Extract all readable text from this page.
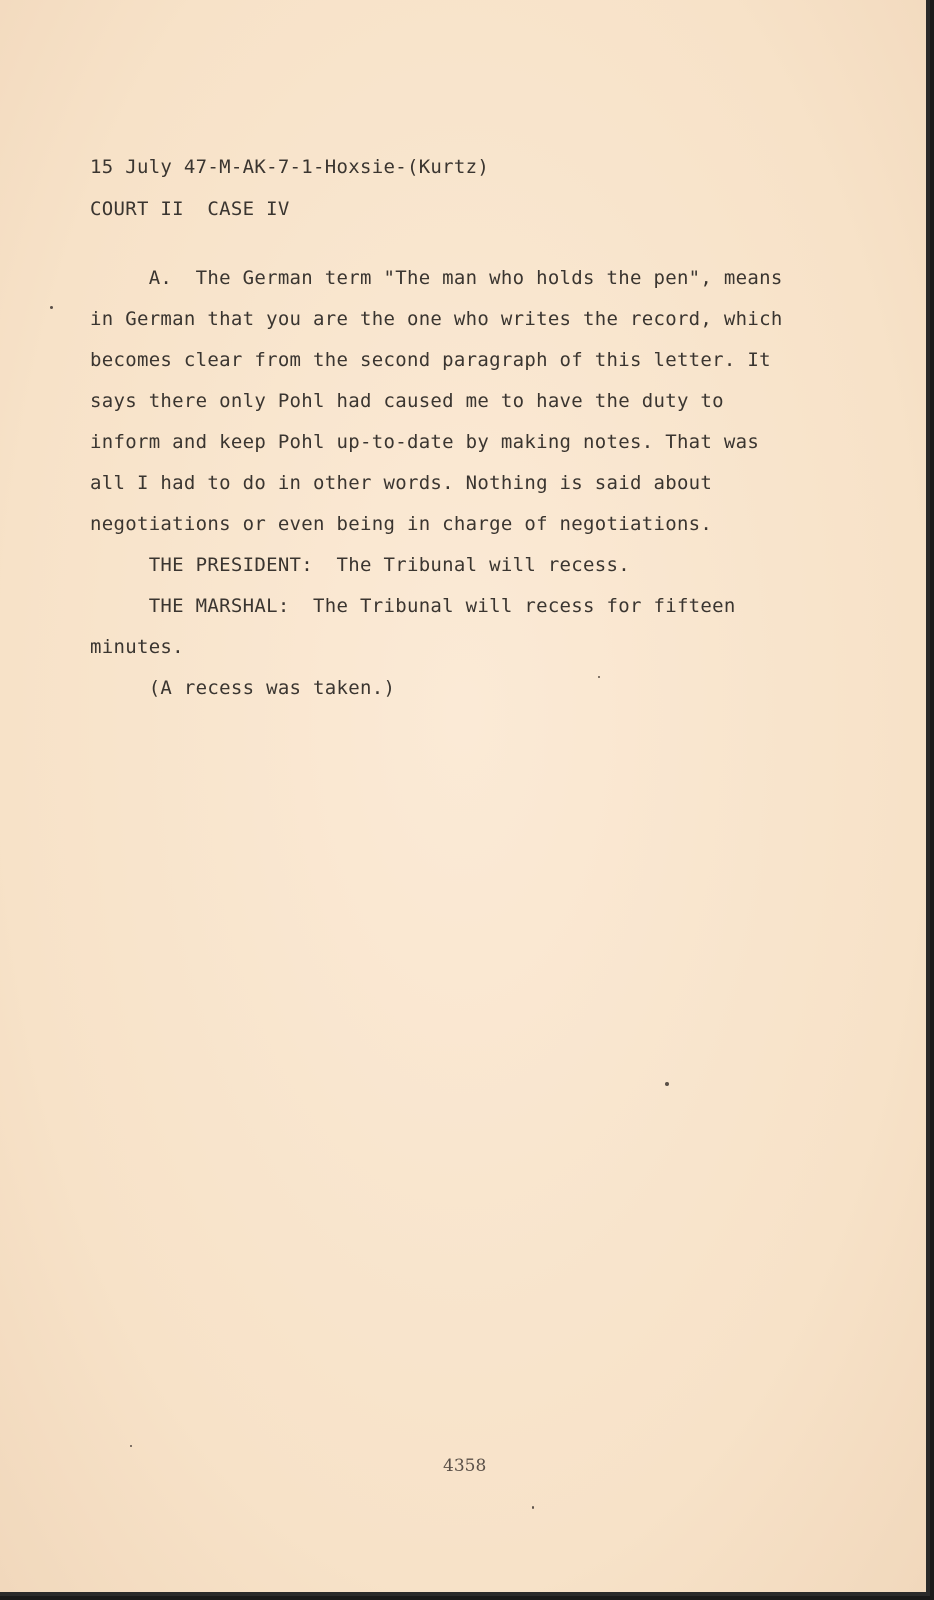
15 July 47-M-AK-7-1-Hoxsie-(Kurtz)

COURT II  CASE IV

A.  The German term "The man who holds the pen", means
in German that you are the one who writes the record, which
becomes clear from the second paragraph of this letter. It
says there only Pohl had caused me to have the duty to
inform and keep Pohl up-to-date by making notes. That was
all I had to do in other words. Nothing is said about
negotiations or even being in charge of negotiations.
THE PRESIDENT:  The Tribunal will recess.
THE MARSHAL:  The Tribunal will recess for fifteen
minutes.
(A recess was taken.)

4358
